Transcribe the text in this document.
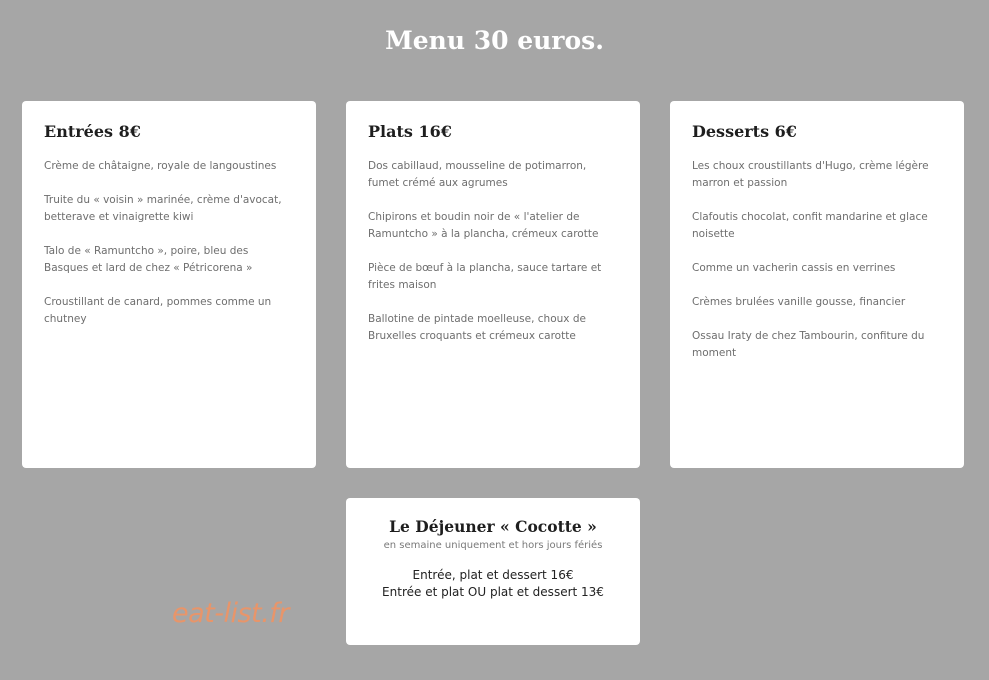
Menu 30 euros.
Entrées 8€
Crème de châtaigne, royale de langoustines
Truite du « voisin » marinée, crème d'avocat, betterave et vinaigrette kiwi
Talo de « Ramuntcho », poire, bleu des Basques et lard de chez « Pétricorena »
Croustillant de canard, pommes comme un chutney
Plats 16€
Dos cabillaud, mousseline de potimarron, fumet crémé aux agrumes
Chipirons et boudin noir de « l'atelier de Ramuntcho » à la plancha, crémeux carotte
Pièce de bœuf à la plancha, sauce tartare et frites maison
Ballotine de pintade moelleuse, choux de Bruxelles croquants et crémeux carotte
Desserts 6€
Les choux croustillants d'Hugo, crème légère marron et passion
Clafoutis chocolat, confit mandarine et glace noisette
Comme un vacherin cassis en verrines
Crèmes brulées vanille gousse, financier
Ossau Iraty de chez Tambourin, confiture du moment
Le Déjeuner « Cocotte »

en semaine uniquement et hors jours fériés

Entrée, plat et dessert 16€

Entrée et plat OU plat et dessert 13€

eat-list.fr
